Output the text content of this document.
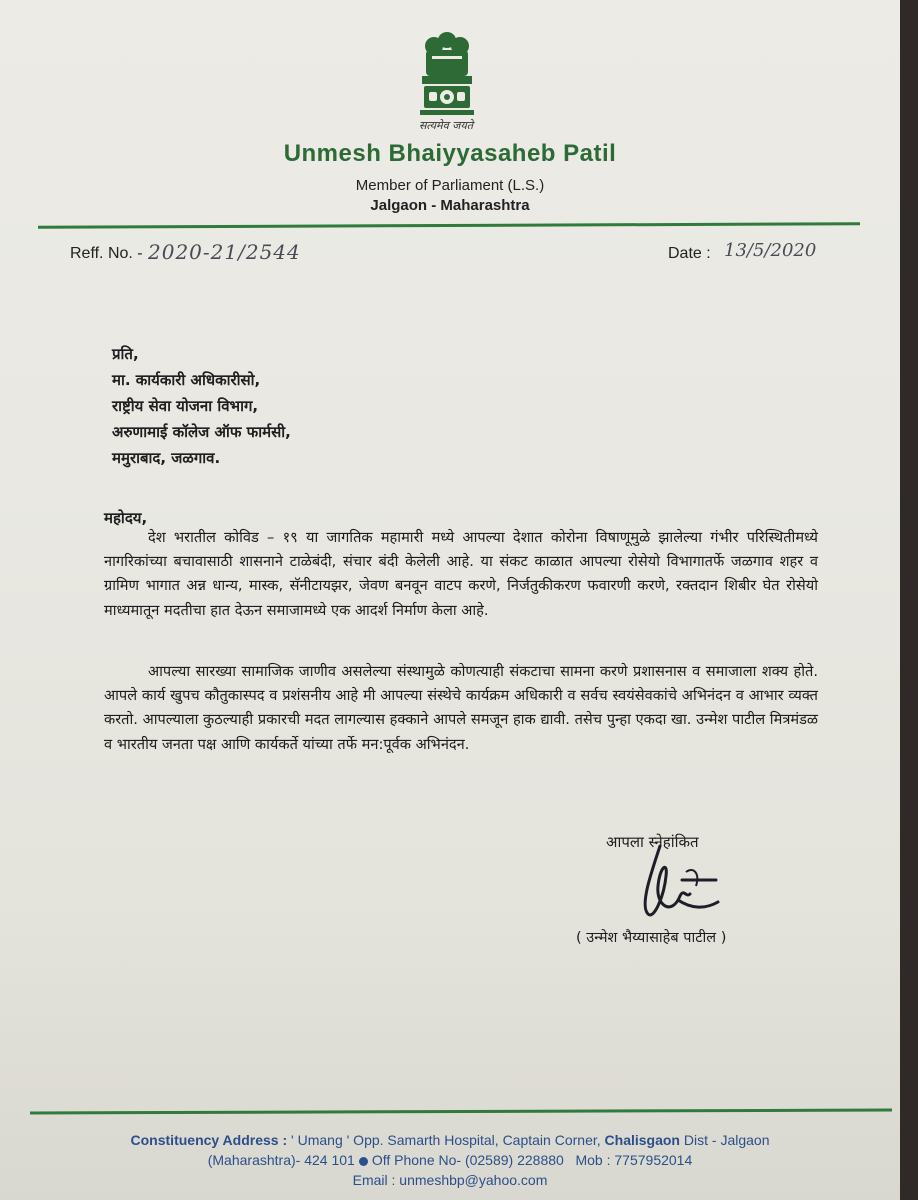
सत्यमेव जयते
Unmesh Bhaiyyasaheb Patil
Member of Parliament (L.S.)
Jalgaon - Maharashtra
Reff. No. - 2020-21/2544	Date : 13/5/2020
प्रति,
मा. कार्यकारी अधिकारीसो,
राष्ट्रीय सेवा योजना विभाग,
अरुणामाई कॉलेज ऑफ फार्मसी,
ममुराबाद, जळगाव.
महोदय,

देश भरातील कोविड – १९ या जागतिक महामारी मध्ये आपल्या देशात कोरोना विषाणूमुळे झालेल्या गंभीर परिस्थितीमध्ये नागरिकांच्या बचावासाठी शासनाने टाळेबंदी, संचार बंदी केलेली आहे. या संकट काळात आपल्या रोसेयो विभागातर्फे जळगाव शहर व ग्रामिण भागात अन्न धान्य, मास्क, सॅनीटायझर, जेवण बनवून वाटप करणे, निर्जतुकीकरण फवारणी करणे, रक्तदान शिबीर घेत रोसेयो माध्यमातून मदतीचा हात देऊन समाजामध्ये एक आदर्श निर्माण केला आहे.

आपल्या सारख्या सामाजिक जाणीव असलेल्या संस्थामुळे कोणत्याही संकटाचा सामना करणे प्रशासनास व समाजाला शक्य होते. आपले कार्य खुपच कौतुकास्पद व प्रशंसनीय आहे मी आपल्या संस्थेचे कार्यक्रम अधिकारी व सर्वच स्वयंसेवकांचे अभिनंदन व आभार व्यक्त करतो. आपल्याला कुठल्याही प्रकारची मदत लागल्यास हक्काने आपले समजून हाक द्यावी. तसेच पुन्हा एकदा खा. उन्मेश पाटील मित्रमंडळ व भारतीय जनता पक्ष आणि कार्यकर्ते यांच्या तर्फे मन:पूर्वक अभिनंदन.

आपला स्नेहांकित
( उन्मेश भैय्यासाहेब पाटील )
Constituency Address : ' Umang ' Opp. Samarth Hospital, Captain Corner, Chalisgaon Dist - Jalgaon
(Maharashtra)- 424 101 Off Phone No- (02589) 228880 Mob : 7757952014
Email : unmeshbp@yahoo.com
